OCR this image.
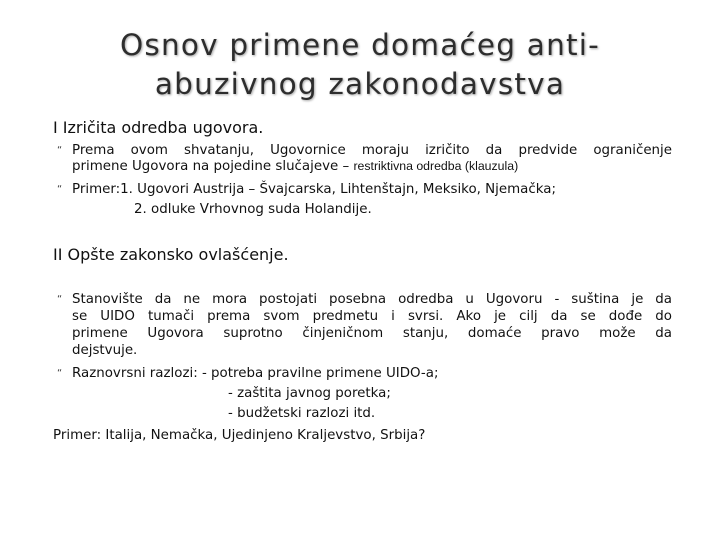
Osnov primene domaćeg anti-
abuzivnog zakonodavstva
I Izričita odredba ugovora.
“ Prema ovom shvatanju, Ugovornice moraju izričito da predvide ograničenje
primene Ugovora na pojedine slučajeve – restriktivna odredba (klauzula)
“ Primer:1. Ugovori Austrija – Švajcarska, Lihtenštajn, Meksiko, Njemačka;
2. odluke Vrhovnog suda Holandije.
II Opšte zakonsko ovlašćenje.
“ Stanovište da ne mora postojati posebna odredba u Ugovoru - suština je da
se UIDO tumači prema svom predmetu i svrsi. Ako je cilj da se dođe do
primene Ugovora suprotno činjeničnom stanju, domaće pravo može da
dejstvuje.
“ Raznovrsni razlozi: - potreba pravilne primene UIDO-a;
- zaštita javnog poretka;
- budžetski razlozi itd.
Primer: Italija, Nemačka, Ujedinjeno Kraljevstvo, Srbija?
